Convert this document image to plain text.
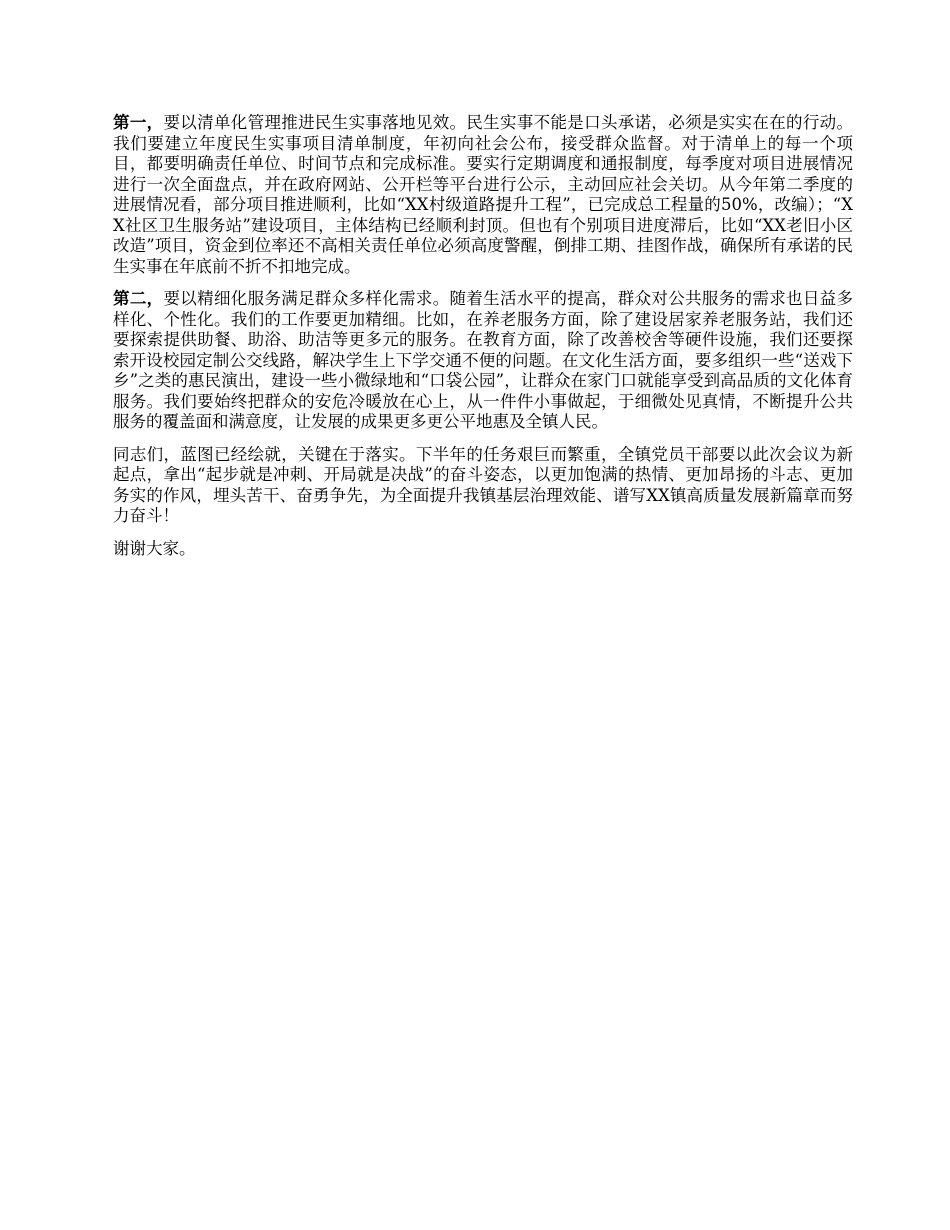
第一，要以清单化管理推进民生实事落地见效。民生实事不能是口头承诺，必须是实实在在的行动。我们要建立年度民生实事项目清单制度，年初向社会公布，接受群众监督。对于清单上的每一个项目，都要明确责任单位、时间节点和完成标准。要实行定期调度和通报制度，每季度对项目进展情况进行一次全面盘点，并在政府网站、公开栏等平台进行公示，主动回应社会关切。从今年第二季度的进展情况看，部分项目推进顺利，比如“XX村级道路提升工程”，已完成总工程量的50%，改编）；“XX社区卫生服务站”建设项目，主体结构已经顺利封顶。但也有个别项目进度滞后，比如“XX老旧小区改造”项目，资金到位率还不高相关责任单位必须高度警醒，倒排工期、挂图作战，确保所有承诺的民生实事在年底前不折不扣地完成。

第二，要以精细化服务满足群众多样化需求。随着生活水平的提高，群众对公共服务的需求也日益多样化、个性化。我们的工作要更加精细。比如，在养老服务方面，除了建设居家养老服务站，我们还要探索提供助餐、助浴、助洁等更多元的服务。在教育方面，除了改善校舍等硬件设施，我们还要探索开设校园定制公交线路，解决学生上下学交通不便的问题。在文化生活方面，要多组织一些“送戏下乡”之类的惠民演出，建设一些小微绿地和“口袋公园”，让群众在家门口就能享受到高品质的文化体育服务。我们要始终把群众的安危冷暖放在心上，从一件件小事做起，于细微处见真情，不断提升公共服务的覆盖面和满意度，让发展的成果更多更公平地惠及全镇人民。

同志们，蓝图已经绘就，关键在于落实。下半年的任务艰巨而繁重，全镇党员干部要以此次会议为新起点，拿出“起步就是冲刺、开局就是决战”的奋斗姿态，以更加饱满的热情、更加昂扬的斗志、更加务实的作风，埋头苦干、奋勇争先，为全面提升我镇基层治理效能、谱写XX镇高质量发展新篇章而努力奋斗！

谢谢大家。
